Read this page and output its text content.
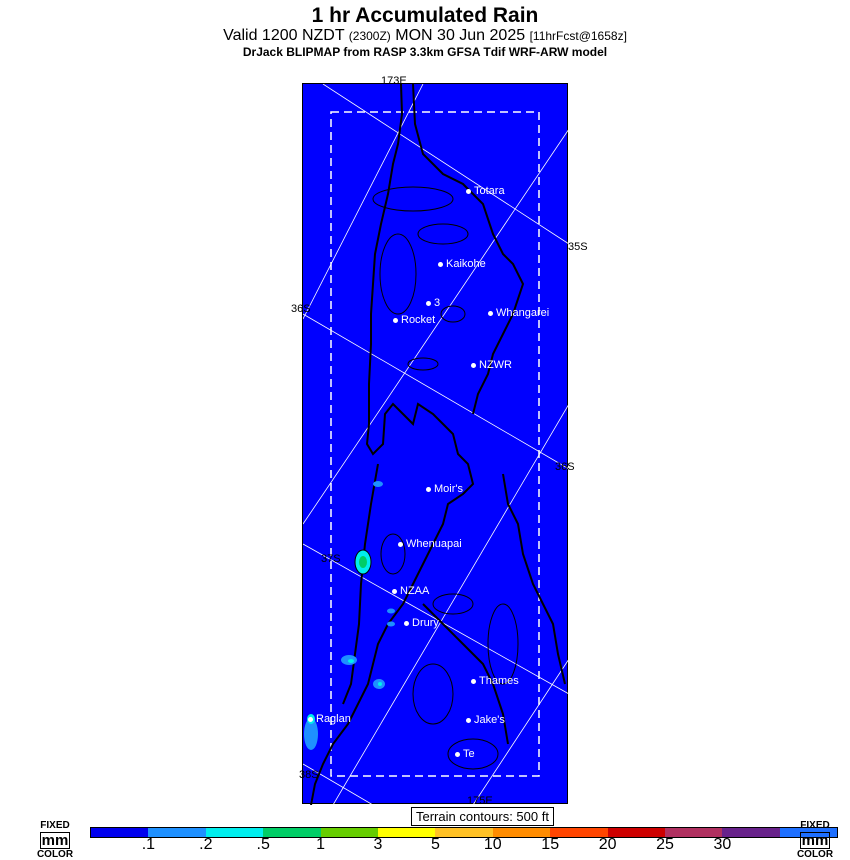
1 hr Accumulated Rain
Valid 1200 NZDT (2300Z) MON 30 Jun 2025 [11hrFcst@1658z]
DrJack BLIPMAP from RASP 3.3km GFSA Tdif WRF-ARW model
173E
35S
36S
36S
37S
38S
175E
Totara
Kaikohe
3
Rocket
Whangarei
NZWR
Moir's
Whenuapai
NZAA
Drury
Thames
Raglan	Jake's
Te
Terrain contours: 500 ft
FIXED
mm
COLOR
.1	.2	.5	1	3	5	10 15 20 25 30
FIXED
mm
COLOR
